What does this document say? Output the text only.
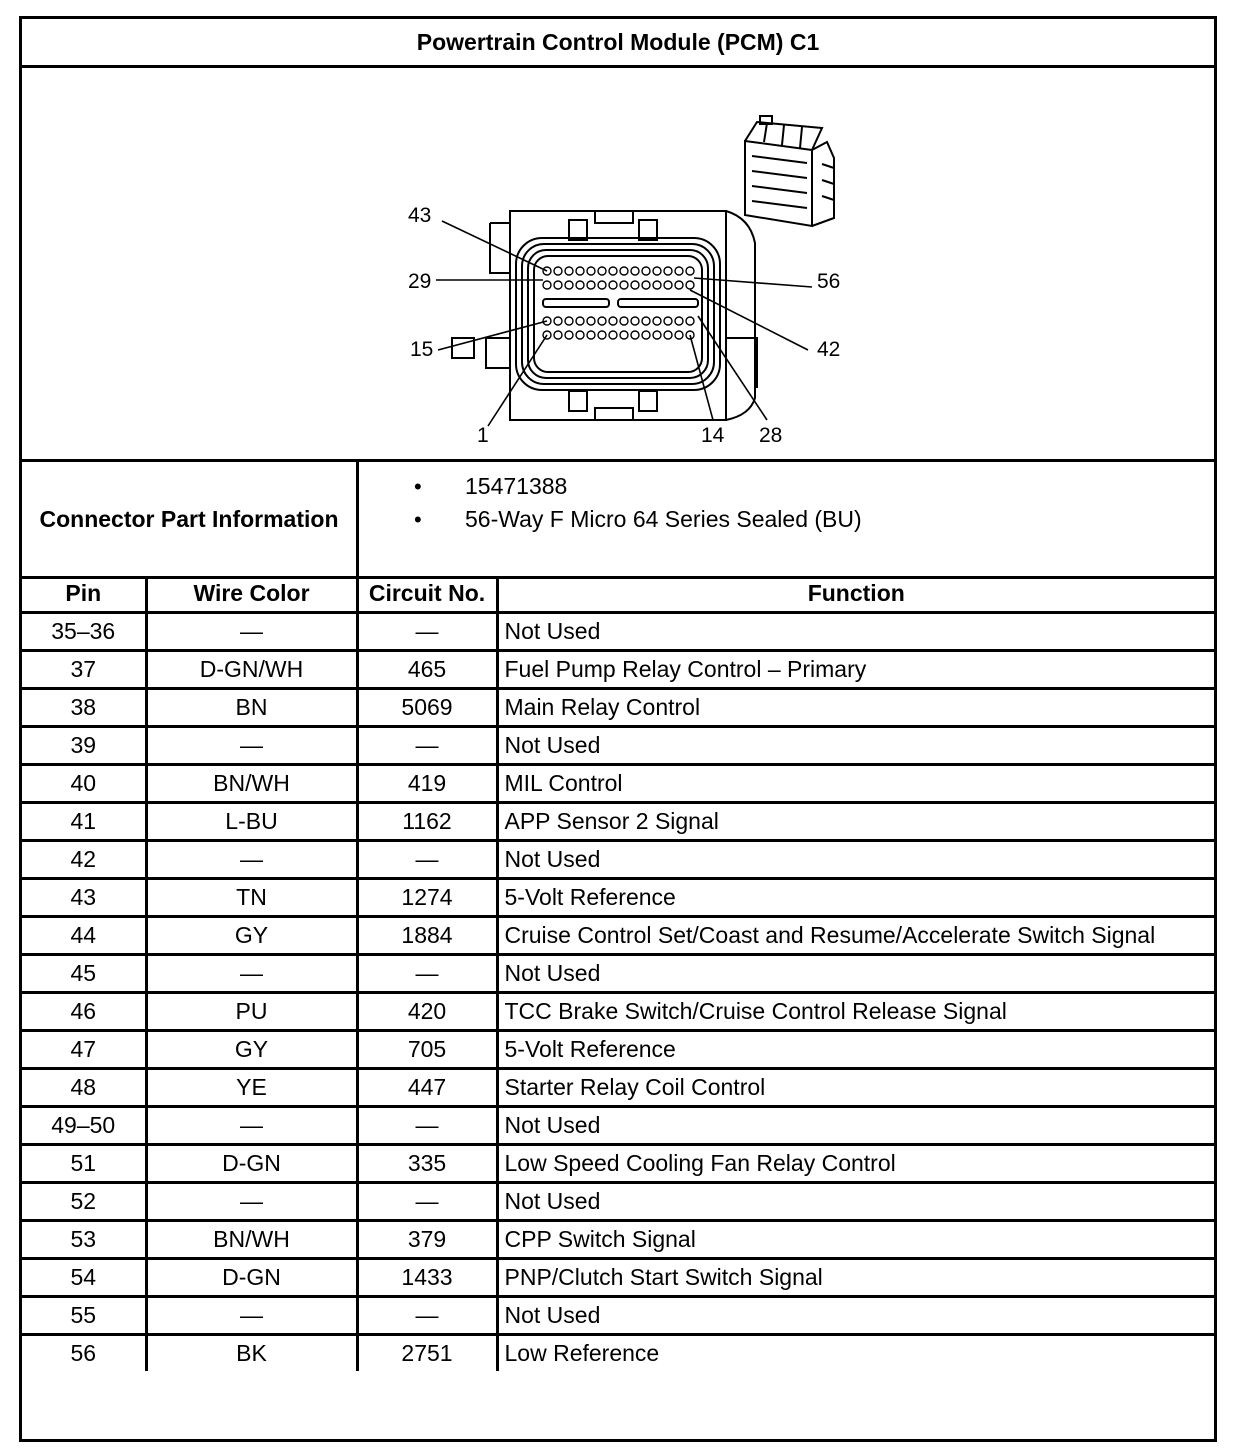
Powertrain Control Module (PCM) C1
43
29
15
1	14 28
42
56
Connector Part Information
• 15471388
• 56-Way F Micro 64 Series Sealed (BU)
Pin	Wire Color	Circuit No.	Function
35–36	—	—	Not Used
37	D-GN/WH	465	Fuel Pump Relay Control – Primary
38	BN	5069	Main Relay Control
39	—	—	Not Used
40	BN/WH	419	MIL Control
41	L-BU	1162	APP Sensor 2 Signal
42	—	—	Not Used
43	TN	1274	5-Volt Reference
44	GY	1884	Cruise Control Set/Coast and Resume/Accelerate Switch Signal
45	—	—	Not Used
46	PU	420	TCC Brake Switch/Cruise Control Release Signal
47	GY	705	5-Volt Reference
48	YE	447	Starter Relay Coil Control
49–50	—	—	Not Used
51	D-GN	335	Low Speed Cooling Fan Relay Control
52	—	—	Not Used
53	BN/WH	379	CPP Switch Signal
54	D-GN	1433	PNP/Clutch Start Switch Signal
55	—	—	Not Used
56	BK	2751	Low Reference
